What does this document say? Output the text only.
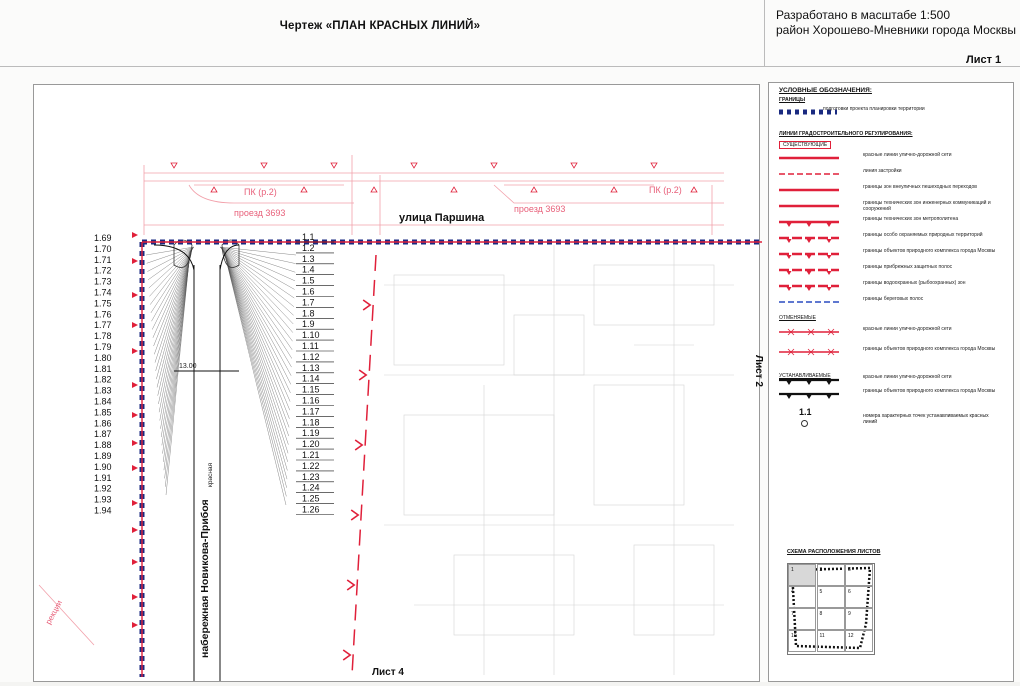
Чертеж «ПЛАН КРАСНЫХ ЛИНИЙ»
Разработано в масштабе 1:500
район Хорошево-Мневники города Москвы
Лист 1
ПК (р.2)	ПК (р.2)
проезд 3693	проезд 3693
рекции
13.00
красная
набережная Новикова-Прибоя
улица Паршина
1.69
1.70
1.71
1.72
1.73
1.74
1.75
1.76
1.77
1.78
1.79
1.80
1.81
1.82
1.83
1.84
1.85
1.86
1.87
1.88
1.89
1.90
1.91
1.92
1.93
1.94
1.1
1.2
1.3
1.4
1.5
1.6
1.7
1.8
1.9
1.10
1.11
1.12
1.13
1.14
1.15
1.16
1.17
1.18
1.19
1.20
1.21
1.22
1.23
1.24
1.25
1.26
Лист 2
Лист 4
УСЛОВНЫЕ ОБОЗНАЧЕНИЯ:
ГРАНИЦЫ
подготовки проекта планировки территории
ЛИНИИ ГРАДОСТРОИТЕЛЬНОГО РЕГУЛИРОВАНИЯ:
СУЩЕСТВУЮЩИЕ
ОТМЕНЯЕМЫЕ
УСТАНАВЛИВАЕМЫЕ
1.1	номера характерных точек устанавливаемых красных линий
СХЕМА РАСПОЛОЖЕНИЯ ЛИСТОВ
1	2	3
4	5	6
7	8	9
10	11	12
красные линии улично-дорожной сети
линия застройки
границы зон внеуличных пешеходных переходов
границы технических зон инженерных коммуникаций и сооружений
границы технических зон метрополитена
границы особо охраняемых природных территорий
границы объектов природного комплекса города Москвы
границы прибрежных защитных полос
границы водоохранных (рыбоохранных) зон
границы береговых полос
красные линии улично-дорожной сети
границы объектов природного комплекса города Москвы
красные линии улично-дорожной сети
границы объектов природного комплекса города Москвы
